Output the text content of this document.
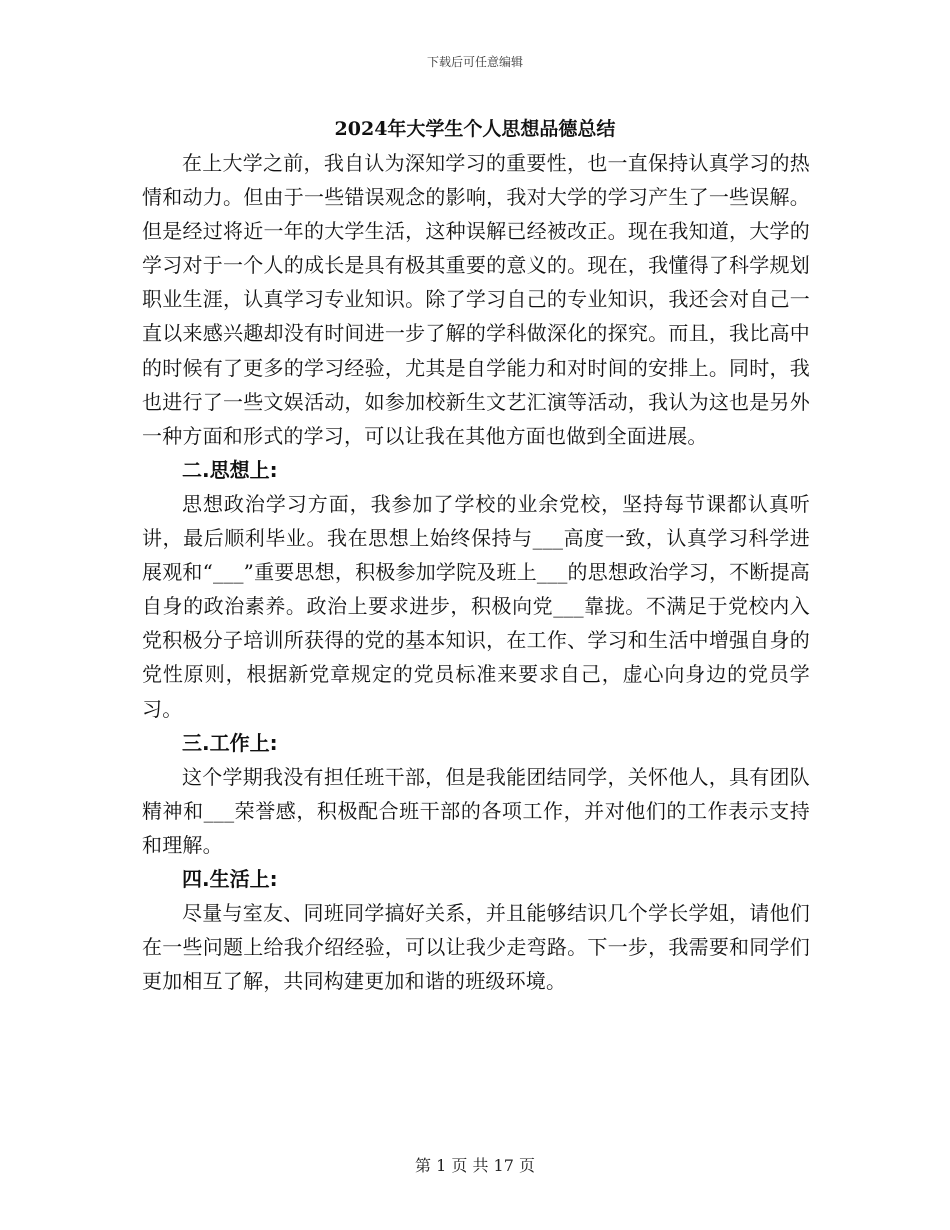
下载后可任意编辑
2024年大学生个人思想品德总结

在上大学之前，我自认为深知学习的重要性，也一直保持认真学习的热情和动力。但由于一些错误观念的影响，我对大学的学习产生了一些误解。但是经过将近一年的大学生活，这种误解已经被改正。现在我知道，大学的学习对于一个人的成长是具有极其重要的意义的。现在，我懂得了科学规划职业生涯，认真学习专业知识。除了学习自己的专业知识，我还会对自己一直以来感兴趣却没有时间进一步了解的学科做深化的探究。而且，我比高中的时候有了更多的学习经验，尤其是自学能力和对时间的安排上。同时，我也进行了一些文娱活动，如参加校新生文艺汇演等活动，我认为这也是另外一种方面和形式的学习，可以让我在其他方面也做到全面进展。

二.思想上:

思想政治学习方面，我参加了学校的业余党校，坚持每节课都认真听讲，最后顺利毕业。我在思想上始终保持与___高度一致，认真学习科学进展观和“___”重要思想，积极参加学院及班上___的思想政治学习，不断提高自身的政治素养。政治上要求进步，积极向党___靠拢。不满足于党校内入党积极分子培训所获得的党的基本知识，在工作、学习和生活中增强自身的党性原则，根据新党章规定的党员标准来要求自己，虚心向身边的党员学习。

三.工作上:

这个学期我没有担任班干部，但是我能团结同学，关怀他人，具有团队精神和___荣誉感，积极配合班干部的各项工作，并对他们的工作表示支持和理解。

四.生活上:

尽量与室友、同班同学搞好关系，并且能够结识几个学长学姐，请他们在一些问题上给我介绍经验，可以让我少走弯路。下一步，我需要和同学们更加相互了解，共同构建更加和谐的班级环境。

第 1 页 共 17 页
